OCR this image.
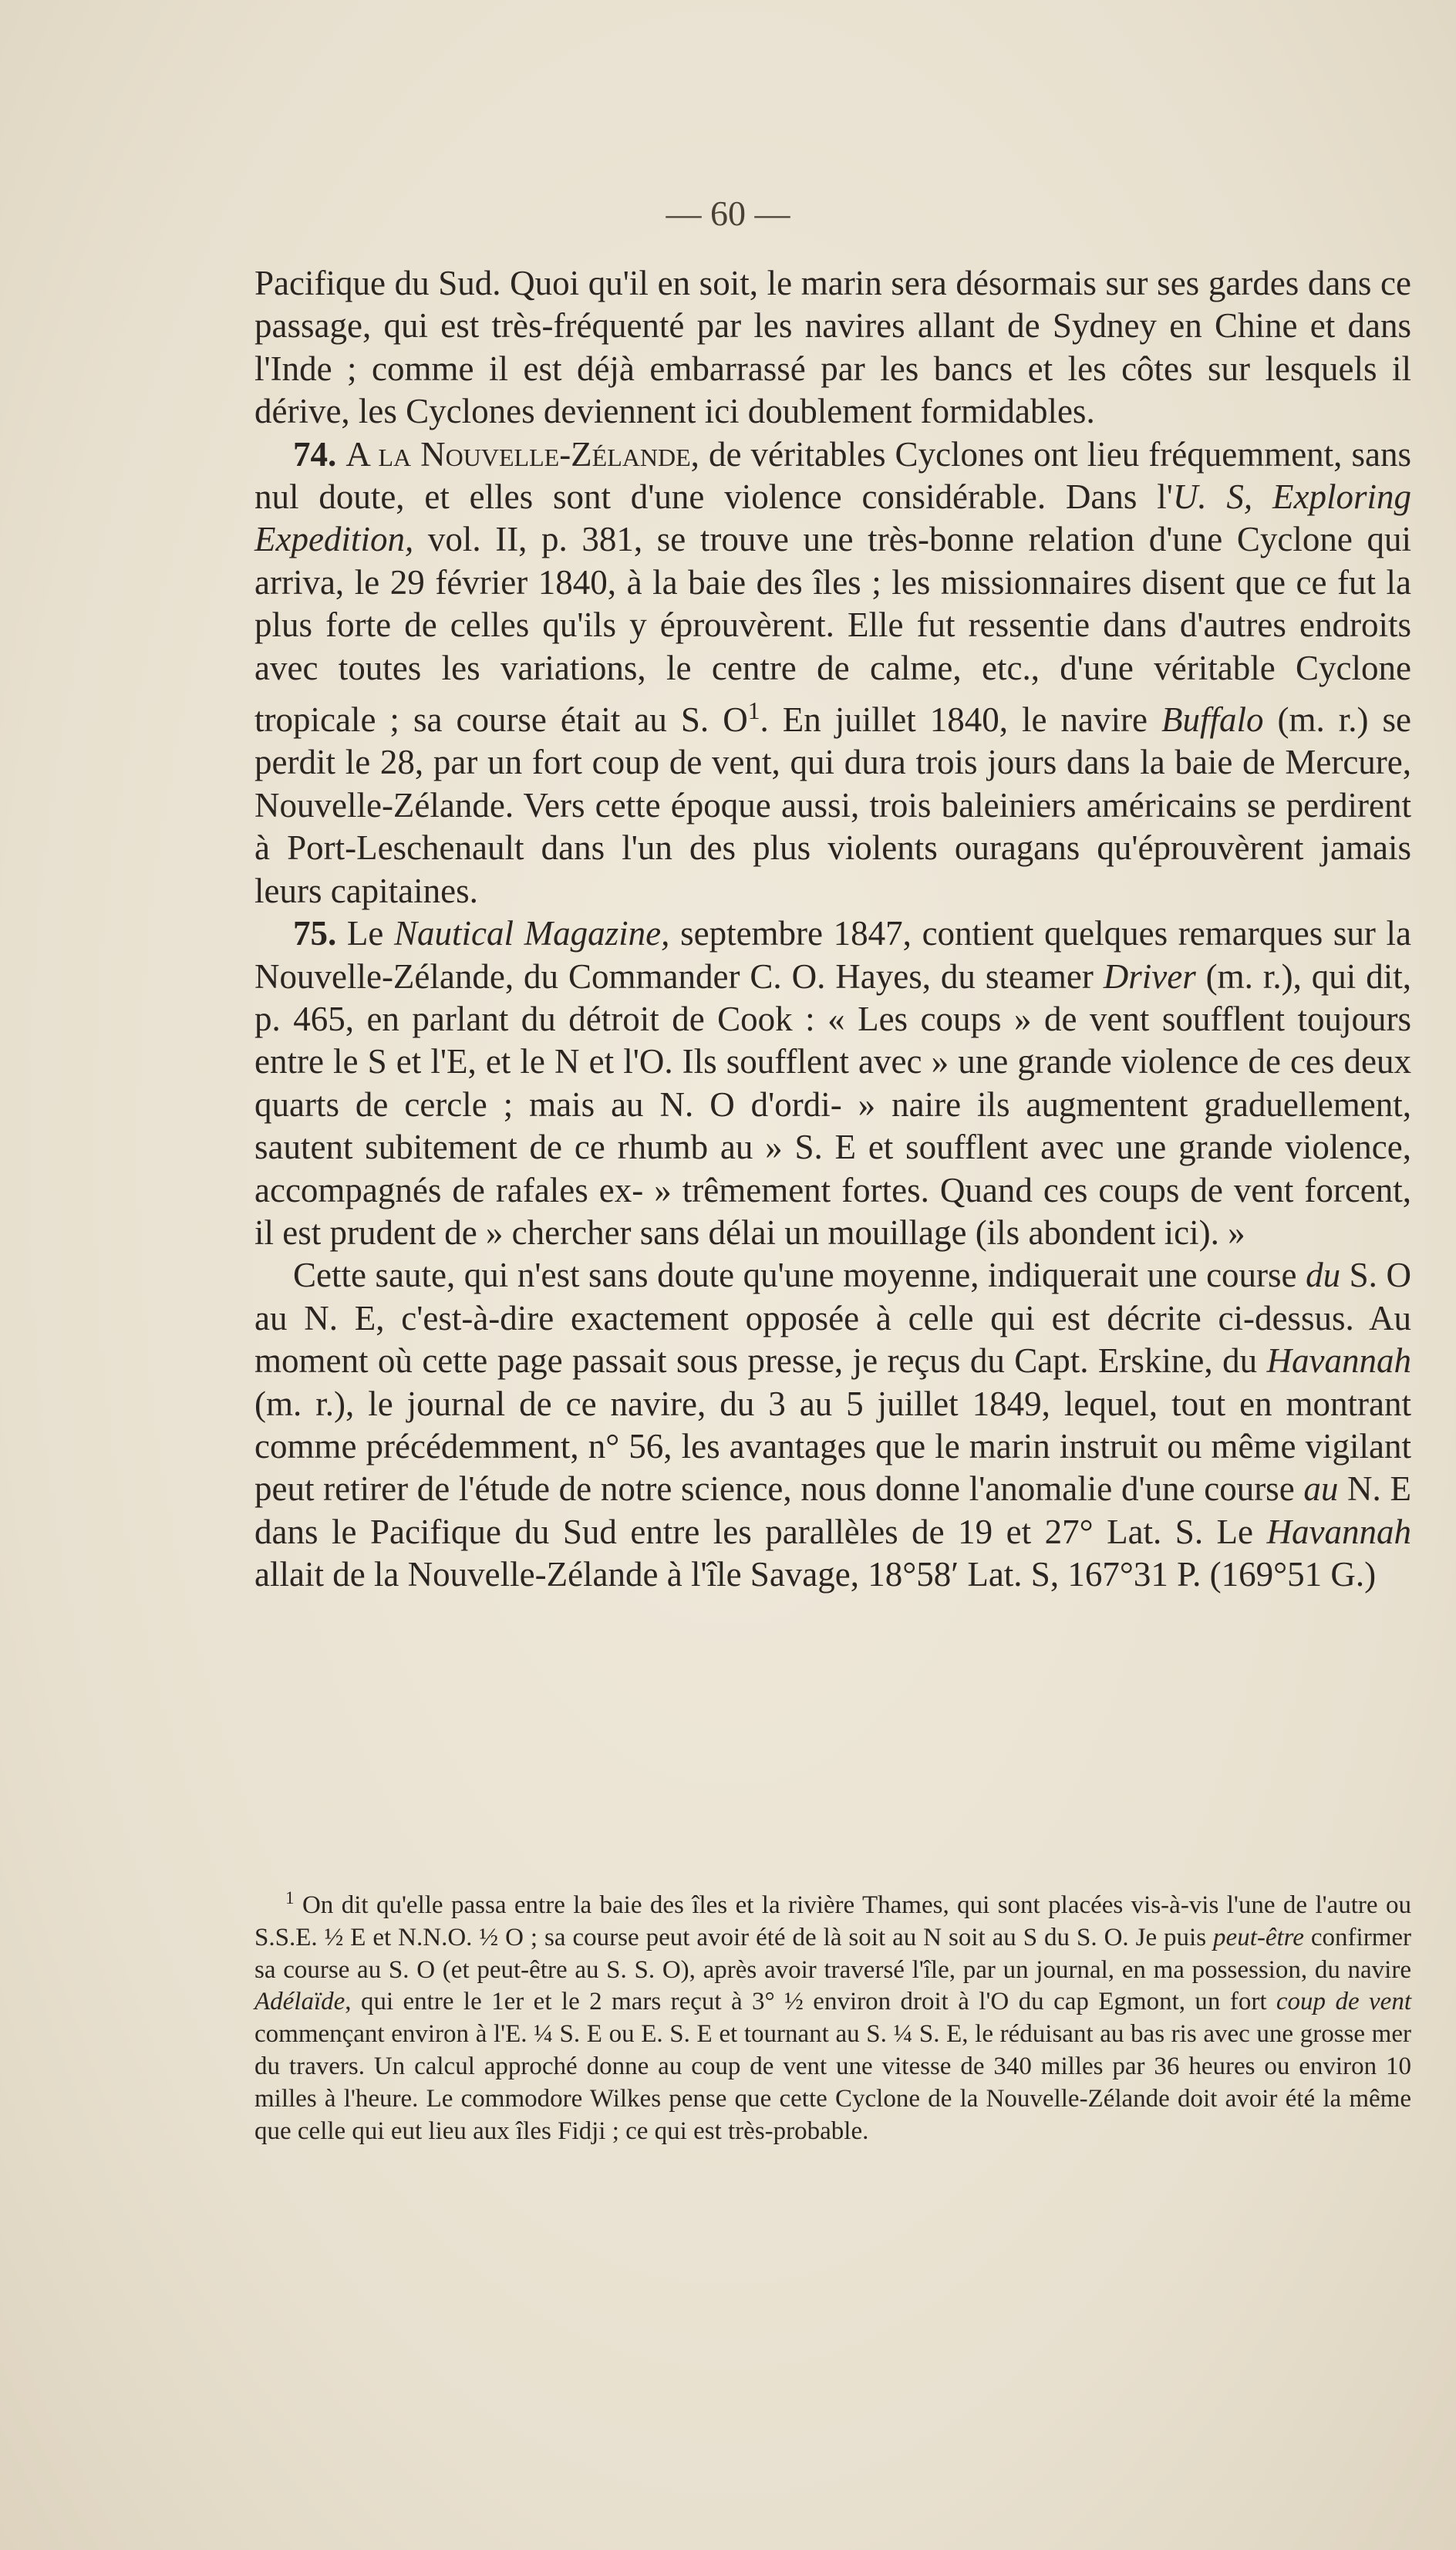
— 60 —

Pacifique du Sud. Quoi qu'il en soit, le marin sera désormais sur ses gardes dans ce passage, qui est très-fréquenté par les navires allant de Sydney en Chine et dans l'Inde ; comme il est déjà embarrassé par les bancs et les côtes sur lesquels il dérive, les Cyclones deviennent ici doublement formidables.

74. A la Nouvelle-Zélande, de véritables Cyclones ont lieu fréquemment, sans nul doute, et elles sont d'une violence considérable. Dans l'U. S, Exploring Expedition, vol. II, p. 381, se trouve une très-bonne relation d'une Cyclone qui arriva, le 29 février 1840, à la baie des îles ; les missionnaires disent que ce fut la plus forte de celles qu'ils y éprouvèrent. Elle fut ressentie dans d'autres endroits avec toutes les variations, le centre de calme, etc., d'une véritable Cyclone tropicale ; sa course était au S. $O^1$. En juillet 1840, le navire Buffalo (m. r.) se perdit le 28, par un fort coup de vent, qui dura trois jours dans la baie de Mercure, Nouvelle-Zélande. Vers cette époque aussi, trois baleiniers américains se perdirent à Port-Leschenault dans l'un des plus violents ouragans qu'éprouvèrent jamais leurs capitaines.

75. Le Nautical Magazine, septembre 1847, contient quelques remarques sur la Nouvelle-Zélande, du Commander C. O. Hayes, du steamer Driver (m. r.), qui dit, p. 465, en parlant du détroit de Cook : « Les coups » de vent soufflent toujours entre le S et l'E, et le N et l'O. Ils soufflent avec » une grande violence de ces deux quarts de cercle ; mais au N. O d'ordi- » naire ils augmentent graduellement, sautent subitement de ce rhumb au » S. E et soufflent avec une grande violence, accompagnés de rafales ex- » trêmement fortes. Quand ces coups de vent forcent, il est prudent de » chercher sans délai un mouillage (ils abondent ici). »

Cette saute, qui n'est sans doute qu'une moyenne, indiquerait une course du S. O au N. E, c'est-à-dire exactement opposée à celle qui est décrite ci-dessus. Au moment où cette page passait sous presse, je reçus du Capt. Erskine, du Havannah (m. r.), le journal de ce navire, du 3 au 5 juillet 1849, lequel, tout en montrant comme précédemment, n° 56, les avantages que le marin instruit ou même vigilant peut retirer de l'étude de notre science, nous donne l'anomalie d'une course au N. E dans le Pacifique du Sud entre les parallèles de 19 et 27° Lat. S. Le Havannah allait de la Nouvelle-Zélande à l'île Savage, 18°58′ Lat. S, 167°31 P. (169°51 G.)

$^1$ On dit qu'elle passa entre la baie des îles et la rivière Thames, qui sont placées vis-à-vis l'une de l'autre ou S.S.E. ½ E et N.N.O. ½ O ; sa course peut avoir été de là soit au N soit au S du S. O. Je puis peut-être confirmer sa course au S. O (et peut-être au S. S. O), après avoir traversé l'île, par un journal, en ma possession, du navire Adélaïde, qui entre le 1er et le 2 mars reçut à 3° ½ environ droit à l'O du cap Egmont, un fort coup de vent commençant environ à l'E. ¼ S. E ou E. S. E et tournant au S. ¼ S. E, le réduisant au bas ris avec une grosse mer du travers. Un calcul approché donne au coup de vent une vitesse de 340 milles par 36 heures ou environ 10 milles à l'heure. Le commodore Wilkes pense que cette Cyclone de la Nouvelle-Zélande doit avoir été la même que celle qui eut lieu aux îles Fidji ; ce qui est très-probable.
